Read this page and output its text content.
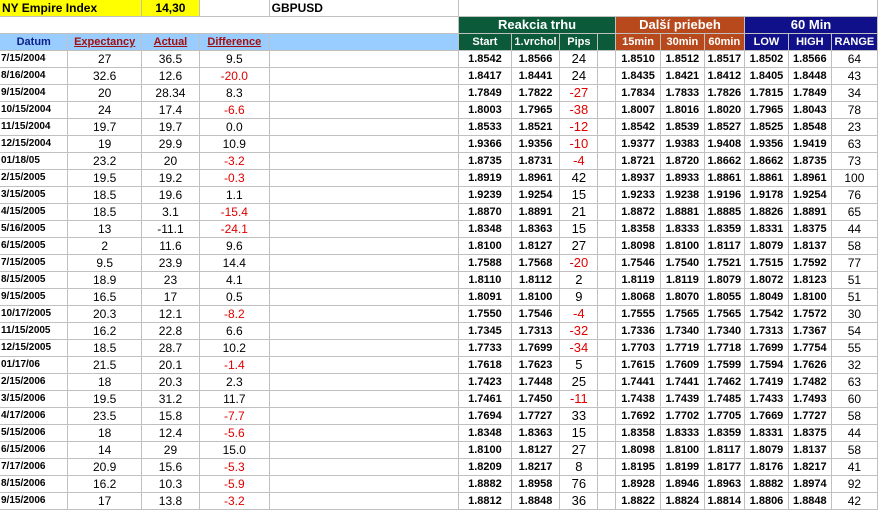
NY Empire Index		14,30		GBPUSD										
					Reakcia trhu				Další priebeh			60 Min		
Datum	Expectancy	Actual	Difference		Start	1.vrchol	Pips		15min	30min	60min	LOW	HIGH	RANGE
7/15/2004	27	36.5	9.5		1.8542	1.8566	24		1.8510	1.8512	1.8517	1.8502	1.8566	64
8/16/2004	32.6	12.6	-20.0		1.8417	1.8441	24		1.8435	1.8421	1.8412	1.8405	1.8448	43
9/15/2004	20	28.34	8.3		1.7849	1.7822	-27		1.7834	1.7833	1.7826	1.7815	1.7849	34
10/15/2004	24	17.4	-6.6		1.8003	1.7965	-38		1.8007	1.8016	1.8020	1.7965	1.8043	78
11/15/2004	19.7	19.7	0.0		1.8533	1.8521	-12		1.8542	1.8539	1.8527	1.8525	1.8548	23
12/15/2004	19	29.9	10.9		1.9366	1.9356	-10		1.9377	1.9383	1.9408	1.9356	1.9419	63
01/18/05	23.2	20	-3.2		1.8735	1.8731	-4		1.8721	1.8720	1.8662	1.8662	1.8735	73
2/15/2005	19.5	19.2	-0.3		1.8919	1.8961	42		1.8937	1.8933	1.8861	1.8861	1.8961	100
3/15/2005	18.5	19.6	1.1		1.9239	1.9254	15		1.9233	1.9238	1.9196	1.9178	1.9254	76
4/15/2005	18.5	3.1	-15.4		1.8870	1.8891	21		1.8872	1.8881	1.8885	1.8826	1.8891	65
5/16/2005	13	-11.1	-24.1		1.8348	1.8363	15		1.8358	1.8333	1.8359	1.8331	1.8375	44
6/15/2005	2	11.6	9.6		1.8100	1.8127	27		1.8098	1.8100	1.8117	1.8079	1.8137	58
7/15/2005	9.5	23.9	14.4		1.7588	1.7568	-20		1.7546	1.7540	1.7521	1.7515	1.7592	77
8/15/2005	18.9	23	4.1		1.8110	1.8112	2		1.8119	1.8119	1.8079	1.8072	1.8123	51
9/15/2005	16.5	17	0.5		1.8091	1.8100	9		1.8068	1.8070	1.8055	1.8049	1.8100	51
10/17/2005	20.3	12.1	-8.2		1.7550	1.7546	-4		1.7555	1.7565	1.7565	1.7542	1.7572	30
11/15/2005	16.2	22.8	6.6		1.7345	1.7313	-32		1.7336	1.7340	1.7340	1.7313	1.7367	54
12/15/2005	18.5	28.7	10.2		1.7733	1.7699	-34		1.7703	1.7719	1.7718	1.7699	1.7754	55
01/17/06	21.5	20.1	-1.4		1.7618	1.7623	5		1.7615	1.7609	1.7599	1.7594	1.7626	32
2/15/2006	18	20.3	2.3		1.7423	1.7448	25		1.7441	1.7441	1.7462	1.7419	1.7482	63
3/15/2006	19.5	31.2	11.7		1.7461	1.7450	-11		1.7438	1.7439	1.7485	1.7433	1.7493	60
4/17/2006	23.5	15.8	-7.7		1.7694	1.7727	33		1.7692	1.7702	1.7705	1.7669	1.7727	58
5/15/2006	18	12.4	-5.6		1.8348	1.8363	15		1.8358	1.8333	1.8359	1.8331	1.8375	44
6/15/2006	14	29	15.0		1.8100	1.8127	27		1.8098	1.8100	1.8117	1.8079	1.8137	58
7/17/2006	20.9	15.6	-5.3		1.8209	1.8217	8		1.8195	1.8199	1.8177	1.8176	1.8217	41
8/15/2006	16.2	10.3	-5.9		1.8882	1.8958	76		1.8928	1.8946	1.8963	1.8882	1.8974	92
9/15/2006	17	13.8	-3.2		1.8812	1.8848	36		1.8822	1.8824	1.8814	1.8806	1.8848	42
